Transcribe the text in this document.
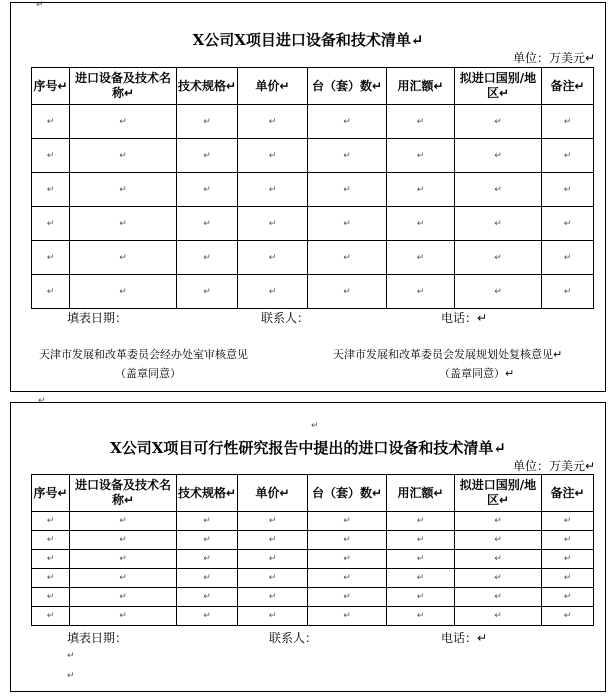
↵
X公司X项目进口设备和技术清单↵
单位：万美元↵
序号↵	进口设备及技术名称↵	技术规格↵	单价↵	台（套）数↵	用汇额↵	拟进口国别/地区↵	备注↵
↵	↵	↵	↵	↵	↵	↵	↵
↵	↵	↵	↵	↵	↵	↵	↵
↵	↵	↵	↵	↵	↵	↵	↵
↵	↵	↵	↵	↵	↵	↵	↵
↵	↵	↵	↵	↵	↵	↵	↵
↵	↵	↵	↵	↵	↵	↵	↵
填表日期：	联系人：	电话：↵
天津市发展和改革委员会经办处室审核意见
（盖章同意）
天津市发展和改革委员会发展规划处复核意见↵
（盖章同意）↵
↵
↵
X公司X项目可行性研究报告中提出的进口设备和技术清单↵
单位：万美元↵
序号↵	进口设备及技术名称↵	技术规格↵	单价↵	台（套）数↵	用汇额↵	拟进口国别/地区↵	备注↵
↵	↵	↵	↵	↵	↵	↵	↵
↵	↵	↵	↵	↵	↵	↵	↵
↵	↵	↵	↵	↵	↵	↵	↵
↵	↵	↵	↵	↵	↵	↵	↵
↵	↵	↵	↵	↵	↵	↵	↵
↵	↵	↵	↵	↵	↵	↵	↵
填表日期：	联系人：	电话：↵
↵
↵
